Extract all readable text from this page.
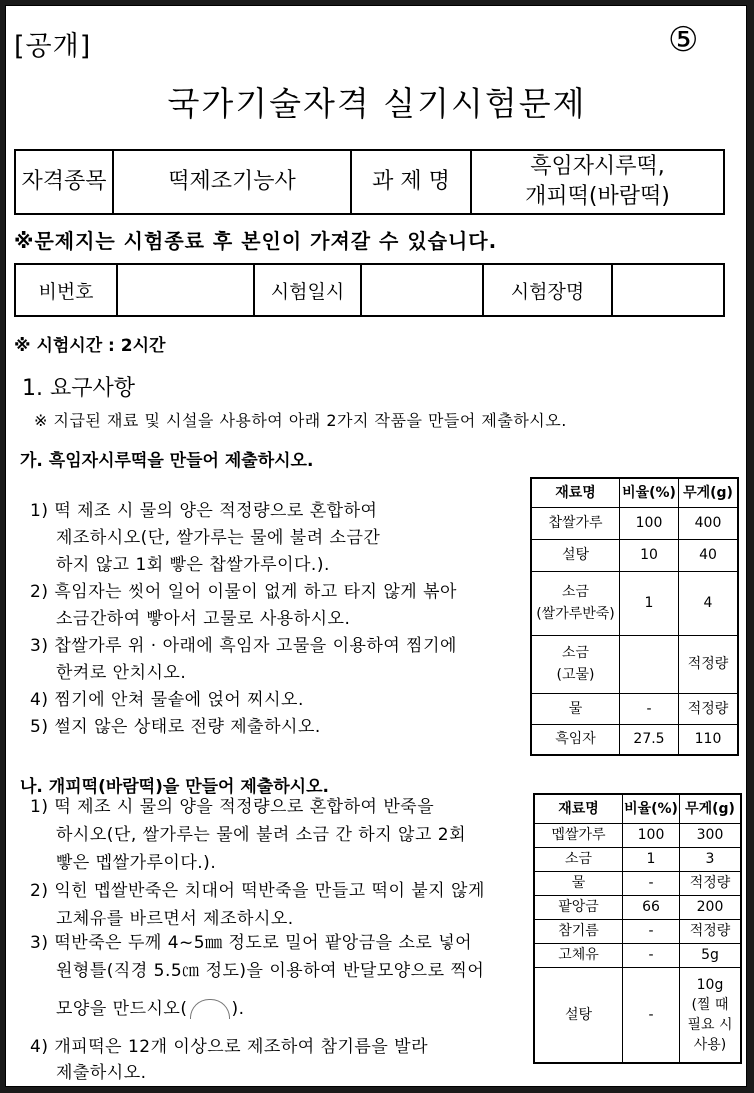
[공개]	⑤
국가기술자격 실기시험문제
자격종목	떡제조기능사	과 제 명	
흑임자시루떡,
개피떡(바람떡)
※문제지는 시험종료 후 본인이 가져갈 수 있습니다.
비번호		시험일시		시험장명	
※ 시험시간 : 2시간
1. 요구사항
※ 지급된 재료 및 시설을 사용하여 아래 2가지 작품을 만들어 제출하시오.
가. 흑임자시루떡을 만들어 제출하시오.
1) 떡 제조 시 물의 양은 적정량으로 혼합하여
제조하시오(단, 쌀가루는 물에 불려 소금간
하지 않고 1회 빻은 찹쌀가루이다.).
2) 흑임자는 씻어 일어 이물이 없게 하고 타지 않게 볶아
소금간하여 빻아서 고물로 사용하시오.
3) 찹쌀가루 위 · 아래에 흑임자 고물을 이용하여 찜기에
한켜로 안치시오.
4) 찜기에 안쳐 물솥에 얹어 찌시오.
5) 썰지 않은 상태로 전량 제출하시오.
재료명	비율(%)	무게(g)
찹쌀가루	100	400
설탕	10	40
소금
(쌀가루반죽)	1	4
소금
(고물)		적정량
물	-	적정량
흑임자	27.5	110
나. 개피떡(바람떡)을 만들어 제출하시오.
1) 떡 제조 시 물의 양을 적정량으로 혼합하여 반죽을
하시오(단, 쌀가루는 물에 불려 소금 간 하지 않고 2회
빻은 멥쌀가루이다.).
2) 익힌 멥쌀반죽은 치대어 떡반죽을 만들고 떡이 붙지 않게
고체유를 바르면서 제조하시오.
3) 떡반죽은 두께 4~5㎜ 정도로 밀어 팥앙금을 소로 넣어
원형틀(직경 5.5㎝ 정도)을 이용하여 반달모양으로 찍어
모양을 만드시오(	).
4) 개피떡은 12개 이상으로 제조하여 참기름을 발라
제출하시오.
재료명	비율(%)	무게(g)
멥쌀가루	100	300
소금	1	3
물	-	적정량
팥앙금	66	200
참기름	-	적정량
고체유	-	5g
설탕	-	10g
(찔 때
필요 시
사용)
